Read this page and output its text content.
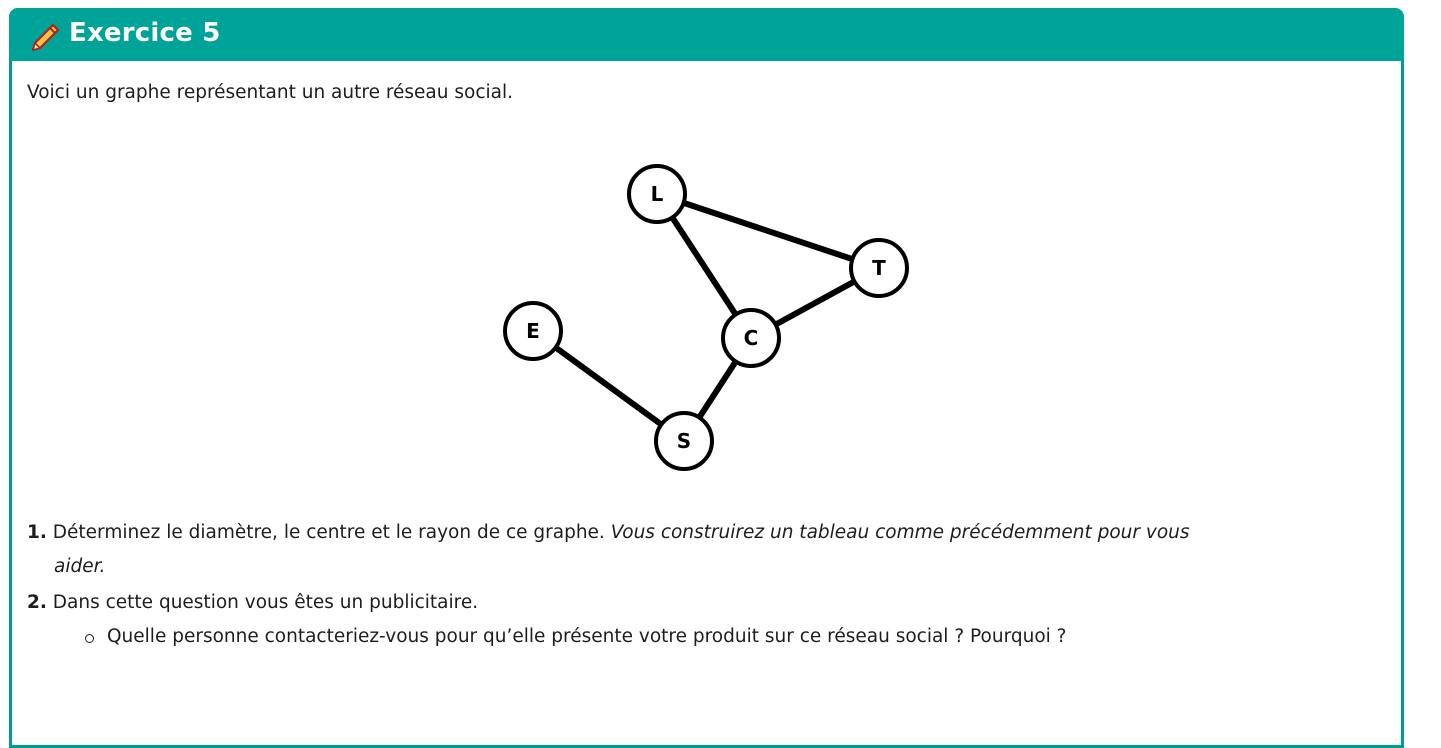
Exercice 5
Voici un graphe représentant un autre réseau social.
L
T
E	C
S
1. Déterminez le diamètre, le centre et le rayon de ce graphe. Vous construirez un tableau comme précédemment pour vous
aider.
2. Dans cette question vous êtes un publicitaire.
Quelle personne contacteriez-vous pour qu’elle présente votre produit sur ce réseau social ? Pourquoi ?
